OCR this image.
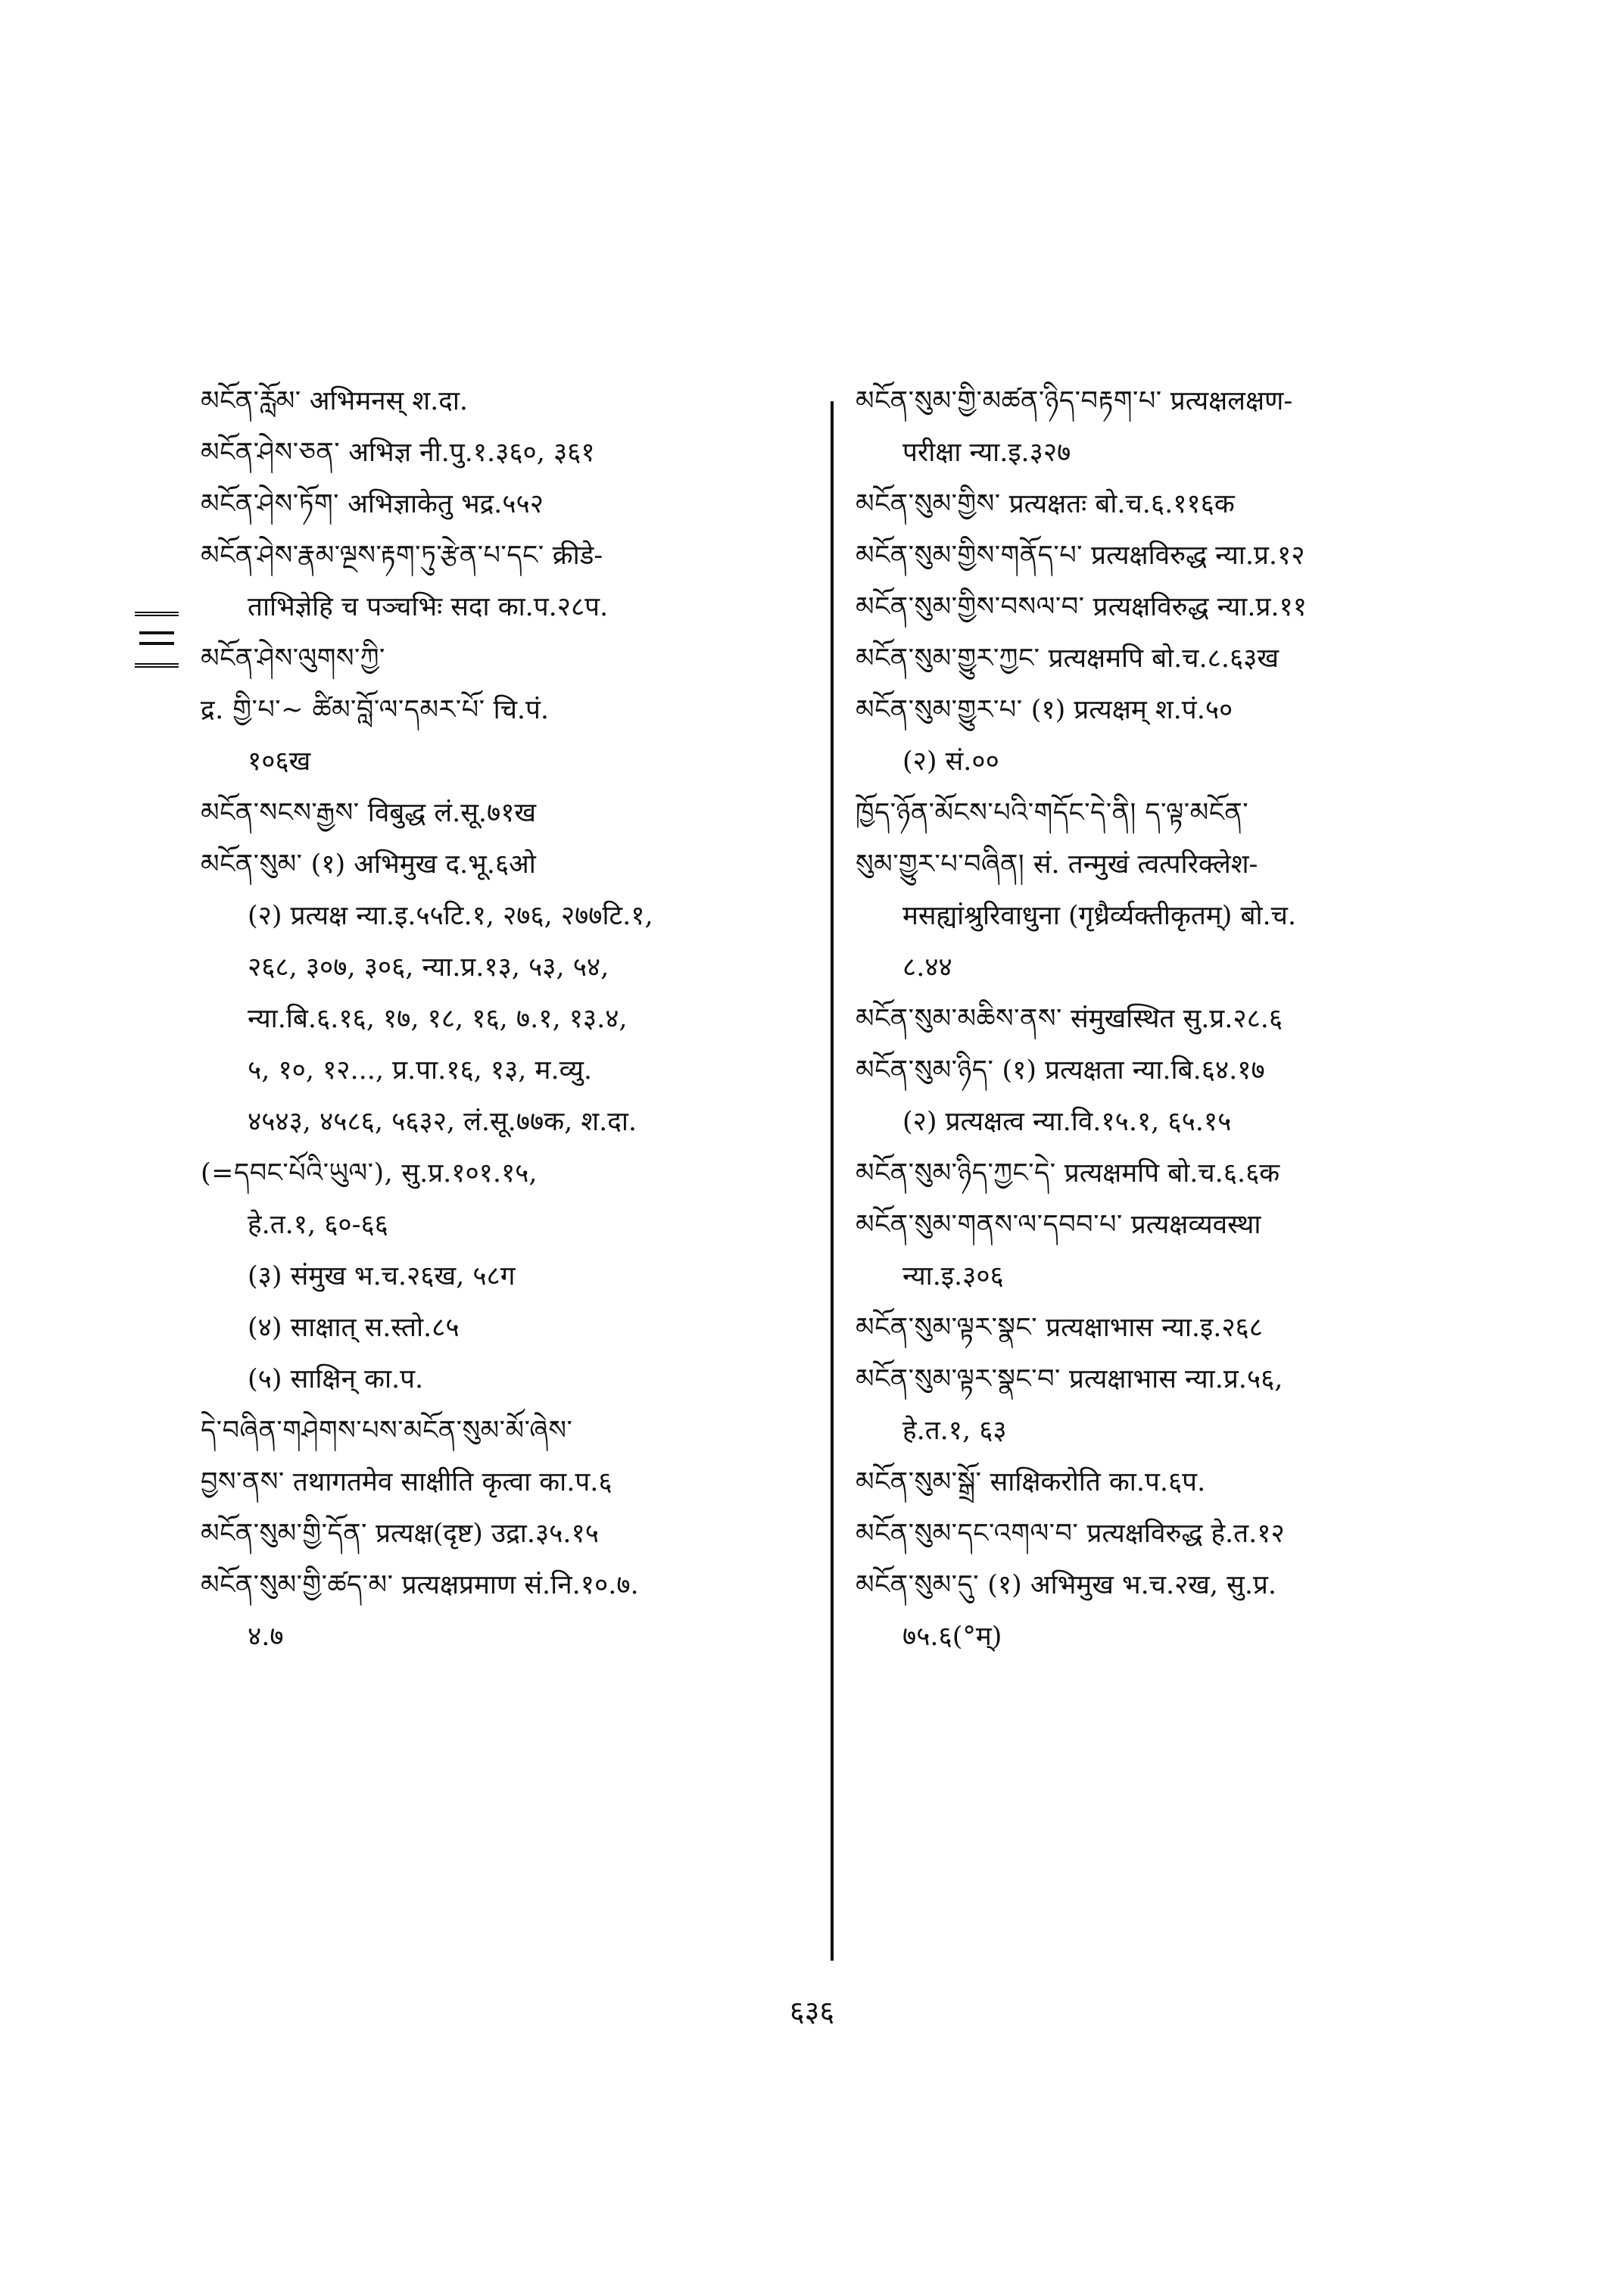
མངོན་རློམ་ अभिमनस् श.दा.
མངོན་ཤེས་ཅན་ अभिज्ञ नी.पु.१.३६०, ३६१
མངོན་ཤེས་ཏོག་ अभिज्ञाकेतु भद्र.५५२
མངོན་ཤེས་རྣམ་ལྔས་རྟག་ཏུ་རྩེན་པ་དང་ क्रीडे-
ताभिज्ञेहि च पञ्चभिः सदा का.प.२८प.
མངོན་ཤེས་ལུགས་ཀྱི་
द्र. གྱི་པ་~ ཚིམ་བློ་ལ་དམར་པོ་ चि.पं.
१०६ख
མངོན་སངས་རྒྱས་ विबुद्ध लं.सू.७१ख
མངོན་སུམ་ (१) अभिमुख द.भू.६ओ
(२) प्रत्यक्ष न्या.इ.५५टि.१, २७६, २७७टि.१,
२६८, ३०७, ३०६, न्या.प्र.१३, ५३, ५४,
न्या.बि.६.१६, १७, १८, १६, ७.१, १३.४,
५, १०, १२..., प्र.पा.१६, १३, म.व्यु.
४५४३, ४५८६, ५६३२, लं.सू.७७क, श.दा.
(=དབང་པོའི་ཡུལ་), सु.प्र.१०१.१५,
हे.त.१, ६०-६६
(३) संमुख भ.च.२६ख, ५८ग
(४) साक्षात् स.स्तो.८५
(५) साक्षिन् का.प.
དེ་བཞིན་གཤེགས་པས་མངོན་སུམ་མོ་ཞེས་
བྱས་ནས་ तथागतमेव साक्षीति कृत्वा का.प.६
མངོན་སུམ་གྱི་དོན་ प्रत्यक्ष(दृष्ट) उद्रा.३५.१५
མངོན་སུམ་གྱི་ཚད་མ་ प्रत्यक्षप्रमाण सं.नि.१०.७.
४.७
མངོན་སུམ་གྱི་མཚན་ཉིད་བརྟག་པ་ प्रत्यक्षलक्षण-
परीक्षा न्या.इ.३२७
མངོན་སུམ་གྱིས་ प्रत्यक्षतः बो.च.६.११६क
མངོན་སུམ་གྱིས་གནོད་པ་ प्रत्यक्षविरुद्ध न्या.प्र.१२
མངོན་སུམ་གྱིས་བསལ་བ་ प्रत्यक्षविरुद्ध न्या.प्र.११
མངོན་སུམ་གྱུར་ཀྱང་ प्रत्यक्षमपि बो.च.८.६३ख
མངོན་སུམ་གྱུར་པ་ (१) प्रत्यक्षम् श.पं.५०
(२) सं.००
ཁྱོད་ཉོན་མོངས་པའི་གདོང་དེ་ནི། ད་ལྟ་མངོན་
སུམ་གྱུར་པ་བཞིན། सं. तन्मुखं त्वत्परिक्लेश-
मसह्यांश्रुरिवाधुना (गृध्रैर्व्यक्तीकृतम्) बो.च.
८.४४
མངོན་སུམ་མཆིས་ནས་ संमुखस्थित सु.प्र.२८.६
མངོན་སུམ་ཉིད་ (१) प्रत्यक्षता न्या.बि.६४.१७
(२) प्रत्यक्षत्व न्या.वि.१५.१, ६५.१५
མངོན་སུམ་ཉིད་ཀྱང་དེ་ प्रत्यक्षमपि बो.च.६.६क
མངོན་སུམ་གནས་ལ་དབབ་པ་ प्रत्यक्षव्यवस्था
न्या.इ.३०६
མངོན་སུམ་ལྟར་སྣང་ प्रत्यक्षाभास न्या.इ.२६८
མངོན་སུམ་ལྟར་སྣང་བ་ प्रत्यक्षाभास न्या.प्र.५६,
हे.त.१, ६३
མངོན་སུམ་སྒྲོ་ साक्षिकरोति का.प.६प.
མངོན་སུམ་དང་འགལ་བ་ प्रत्यक्षविरुद्ध हे.त.१२
མངོན་སུམ་དུ་ (१) अभिमुख भ.च.२ख, सु.प्र.
७५.६(°म्)
६३६
